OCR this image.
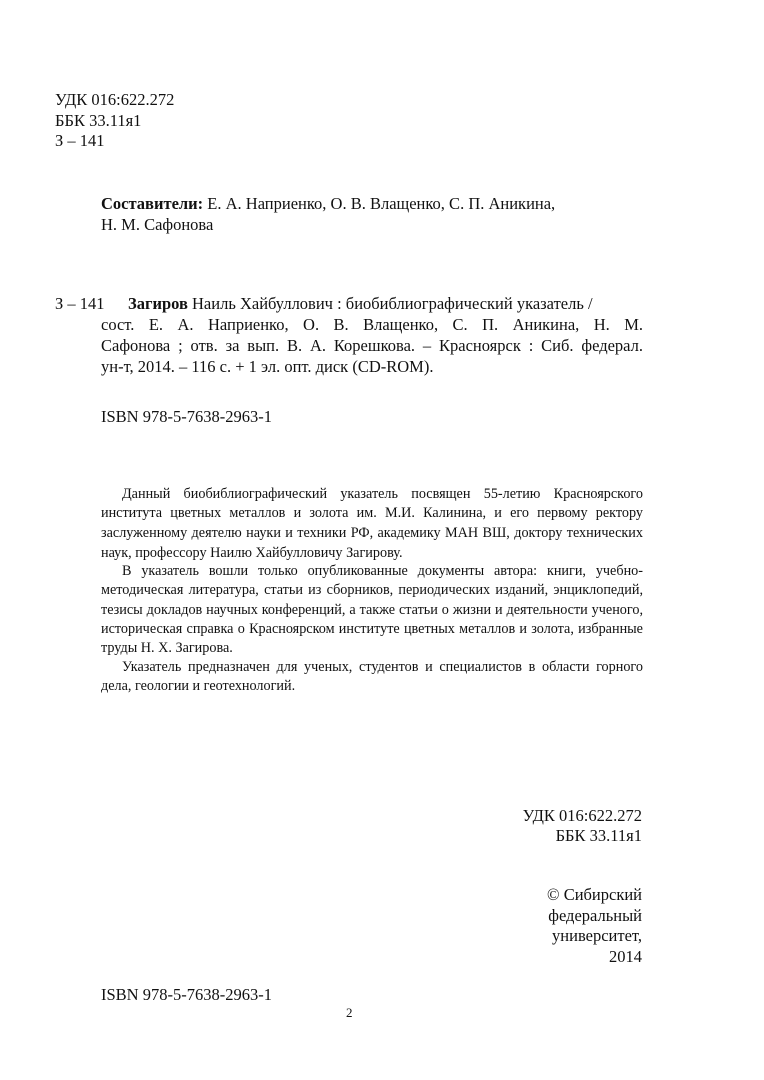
УДК 016:622.272
ББК 33.11я1
З – 141
Составители: Е. А. Наприенко, О. В. Влащенко, С. П. Аникина,
Н. М. Сафонова
З – 141 Загиров Наиль Хайбуллович : биобиблиографический указатель /
сост. Е. А. Наприенко, О. В. Влащенко, С. П. Аникина, Н. М.
Сафонова ; отв. за вып. В. А. Корешкова. – Красноярск : Сиб. федерал.
ун-т, 2014. – 116 с. + 1 эл. опт. диск (CD-ROM).
ISBN 978-5-7638-2963-1
Данный биобиблиографический указатель посвящен 55-летию Красноярского
института цветных металлов и золота им. М.И. Калинина, и его первому ректору
заслуженному деятелю науки и техники РФ, академику МАН ВШ, доктору технических
наук, профессору Наилю Хайбулловичу Загирову.
В указатель вошли только опубликованные документы автора: книги, учебно-
методическая литература, статьи из сборников, периодических изданий, энциклопедий,
тезисы докладов научных конференций, а также статьи о жизни и деятельности ученого,
историческая справка о Красноярском институте цветных металлов и золота, избранные
труды Н. Х. Загирова.
Указатель предназначен для ученых, студентов и специалистов в области горного
дела, геологии и геотехнологий.
УДК 016:622.272
ББК 33.11я1
© Сибирский
федеральный
университет,
2014
ISBN 978-5-7638-2963-1
2
